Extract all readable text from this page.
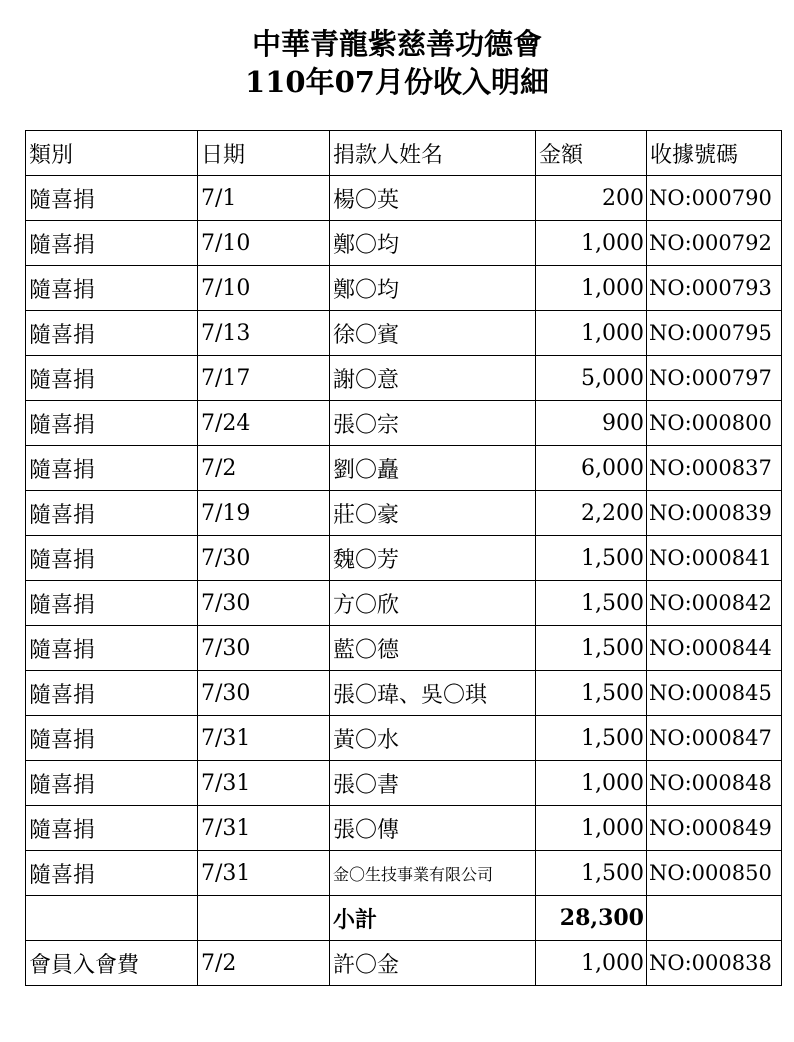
中華青龍紫慈善功德會
110年07月份收入明細
類別	日期	捐款人姓名	金額	收據號碼
隨喜捐	7/1	楊〇英	200	NO:000790
隨喜捐	7/10	鄭〇均	1,000	NO:000792
隨喜捐	7/10	鄭〇均	1,000	NO:000793
隨喜捐	7/13	徐〇賓	1,000	NO:000795
隨喜捐	7/17	謝〇意	5,000	NO:000797
隨喜捐	7/24	張〇宗	900	NO:000800
隨喜捐	7/2	劉〇矗	6,000	NO:000837
隨喜捐	7/19	莊〇豪	2,200	NO:000839
隨喜捐	7/30	魏〇芳	1,500	NO:000841
隨喜捐	7/30	方〇欣	1,500	NO:000842
隨喜捐	7/30	藍〇德	1,500	NO:000844
隨喜捐	7/30	張〇瑋、吳〇琪	1,500	NO:000845
隨喜捐	7/31	黃〇水	1,500	NO:000847
隨喜捐	7/31	張〇書	1,000	NO:000848
隨喜捐	7/31	張〇傳	1,000	NO:000849
隨喜捐	7/31	金〇生技事業有限公司	1,500	NO:000850
		小計	28,300	
會員入會費	7/2	許〇金	1,000	NO:000838
